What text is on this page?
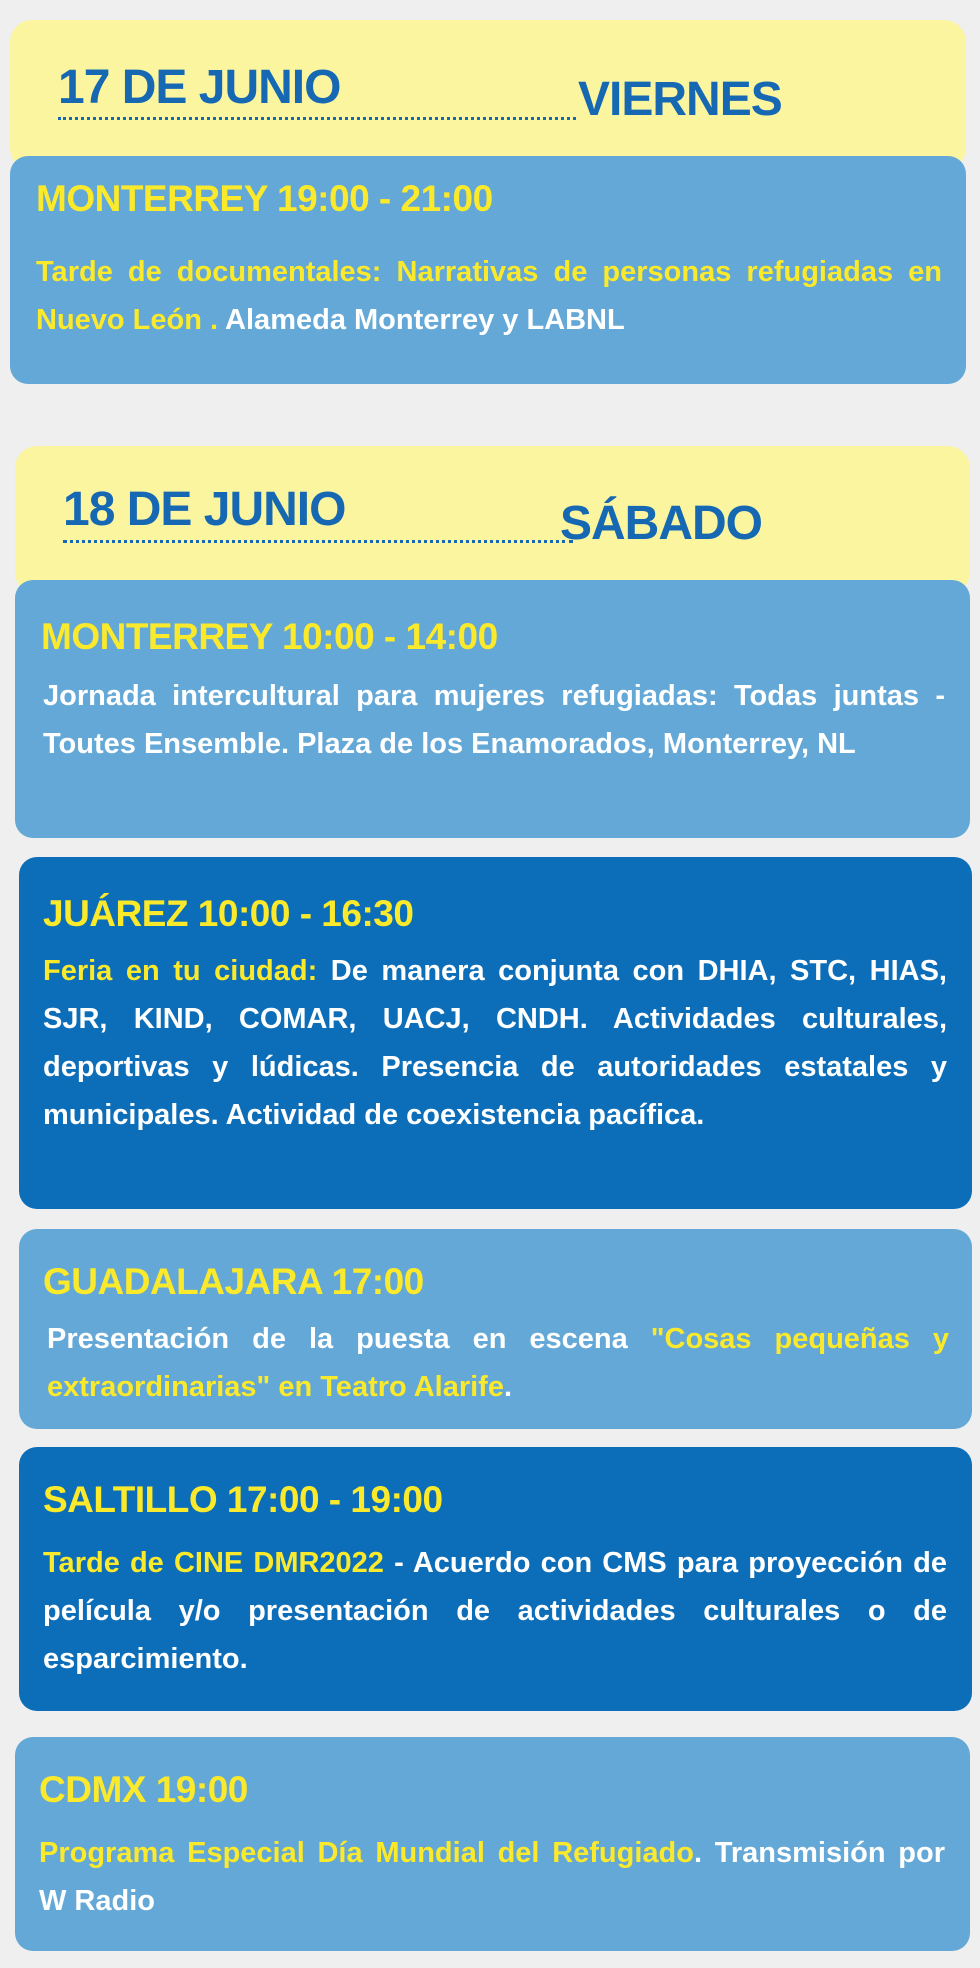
17 DE JUNIO	VIERNES
MONTERREY 19:00 - 21:00
Tarde de documentales: Narrativas de personas refugiadas en Nuevo León . Alameda Monterrey y LABNL
18 DE JUNIO	SÁBADO
MONTERREY 10:00 - 14:00
Jornada intercultural para mujeres refugiadas: Todas juntas - Toutes Ensemble. Plaza de los Enamorados, Monterrey, NL
JUÁREZ 10:00 - 16:30
Feria en tu ciudad: De manera conjunta con DHIA, STC, HIAS, SJR, KIND, COMAR, UACJ, CNDH. Actividades culturales, deportivas y lúdicas. Presencia de autoridades estatales y municipales. Actividad de coexistencia pacífica.
GUADALAJARA 17:00
Presentación de la puesta en escena "Cosas pequeñas y extraordinarias" en Teatro Alarife.
SALTILLO 17:00 - 19:00
Tarde de CINE DMR2022 - Acuerdo con CMS para proyección de película y/o presentación de actividades culturales o de esparcimiento.
CDMX 19:00
Programa Especial Día Mundial del Refugiado. Transmisión por W Radio
